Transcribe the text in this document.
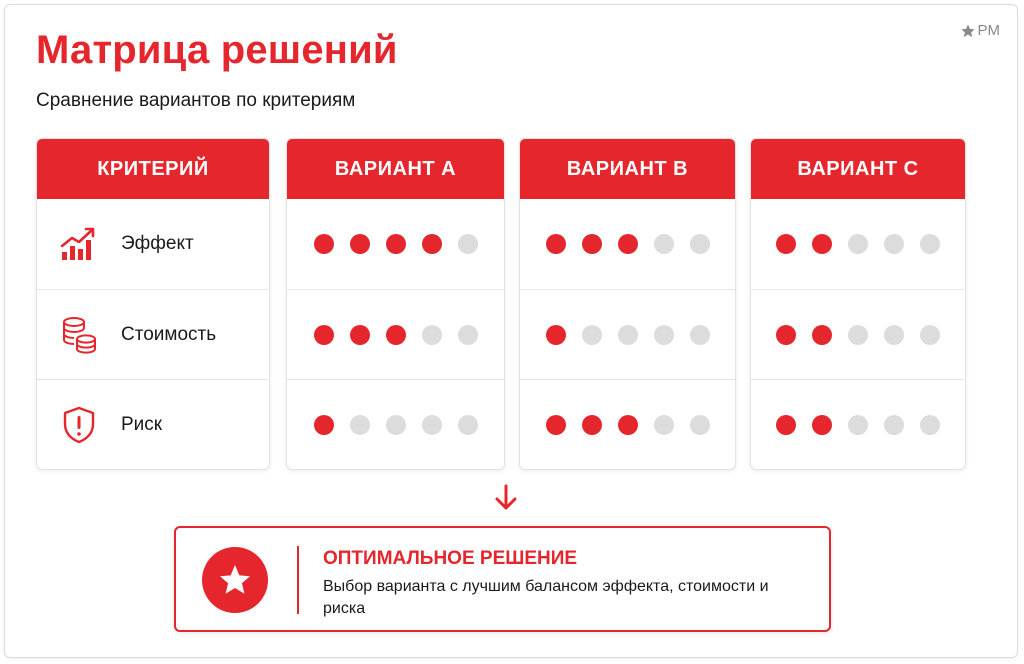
Матрица решений
Сравнение вариантов по критериям
PM
КРИТЕРИЙ
Эффект
Стоимость
Риск
ВАРИАНТ A	ВАРИАНТ B	ВАРИАНТ C
ОПТИМАЛЬНОЕ РЕШЕНИЕ
Выбор варианта с лучшим балансом эффекта, стоимости и риска
